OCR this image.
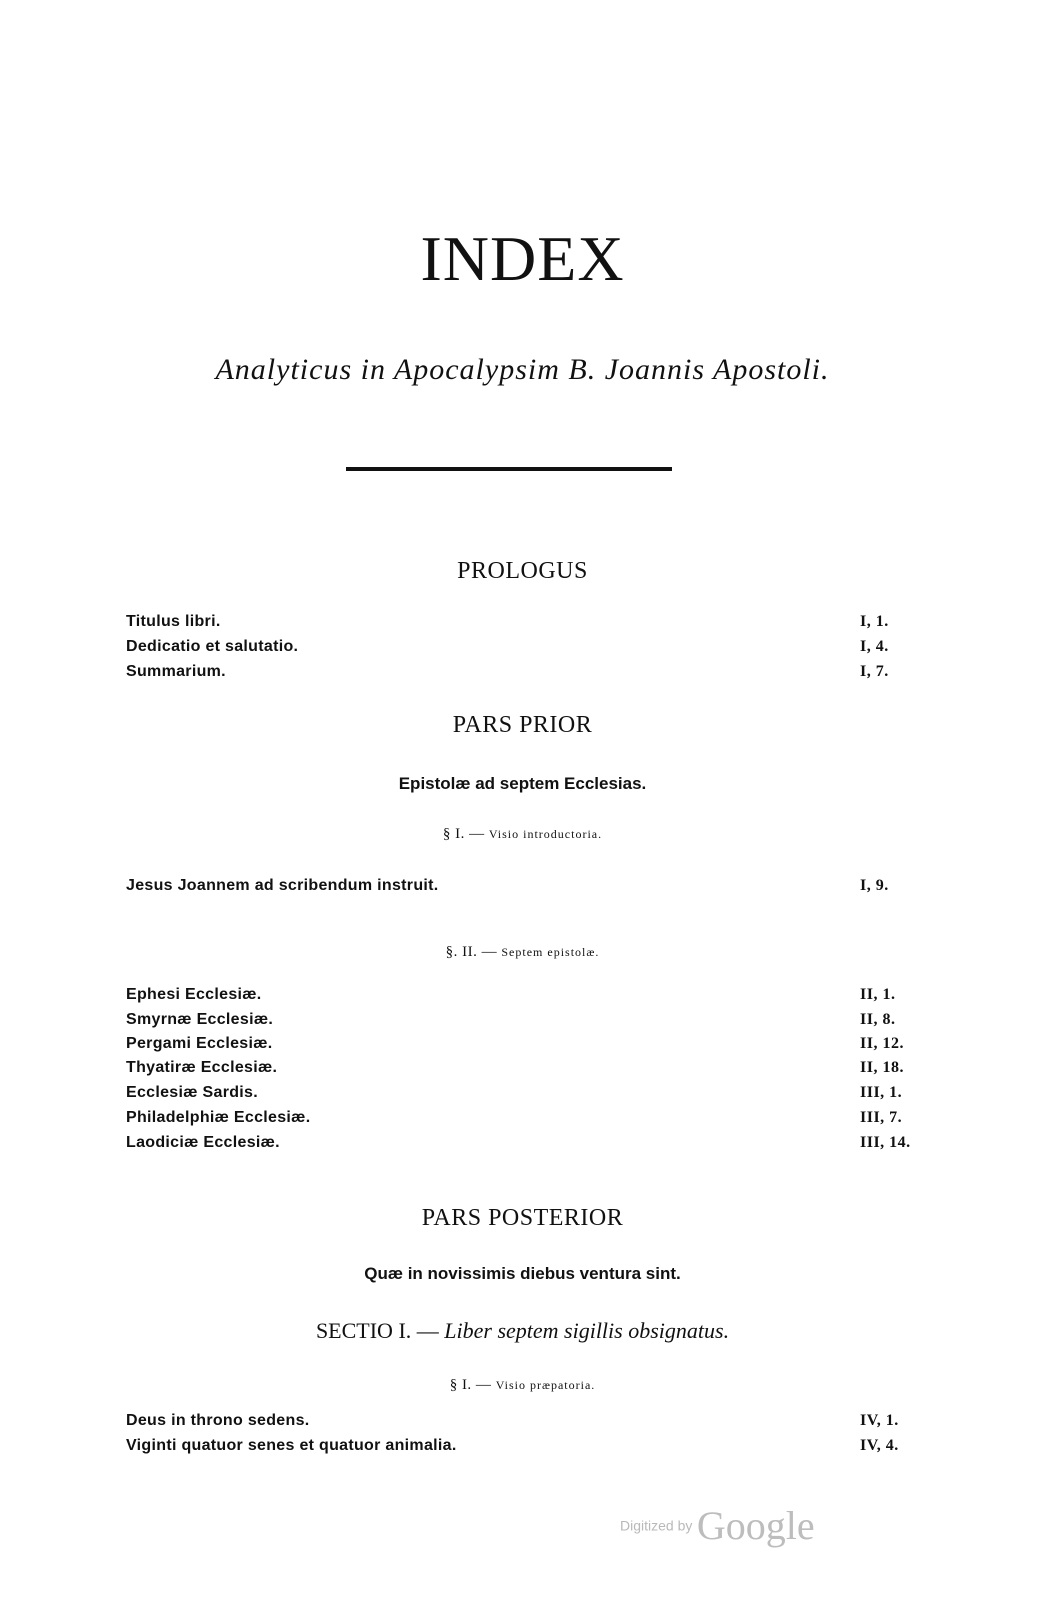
INDEX
Analyticus in Apocalypsim B. Joannis Apostoli.
PROLOGUS
Titulus libri.	I, 1.
Dedicatio et salutatio.	I, 4.
Summarium.	I, 7.
PARS PRIOR
Epistolæ ad septem Ecclesias.
§ I. — Visio introductoria.
Jesus Joannem ad scribendum instruit.	I, 9.
§. II. — Septem epistolæ.
Ephesi Ecclesiæ.	II, 1.
Smyrnæ Ecclesiæ.	II, 8.
Pergami Ecclesiæ.	II, 12.
Thyatiræ Ecclesiæ.	II, 18.
Ecclesiæ Sardis.	III, 1.
Philadelphiæ Ecclesiæ.	III, 7.
Laodiciæ Ecclesiæ.	III, 14.
PARS POSTERIOR
Quæ in novissimis diebus ventura sint.
SECTIO I. — Liber septem sigillis obsignatus.
§ I. — Visio præpatoria.
Deus in throno sedens.	IV, 1.
Viginti quatuor senes et quatuor animalia.	IV, 4.
Digitized by Google
